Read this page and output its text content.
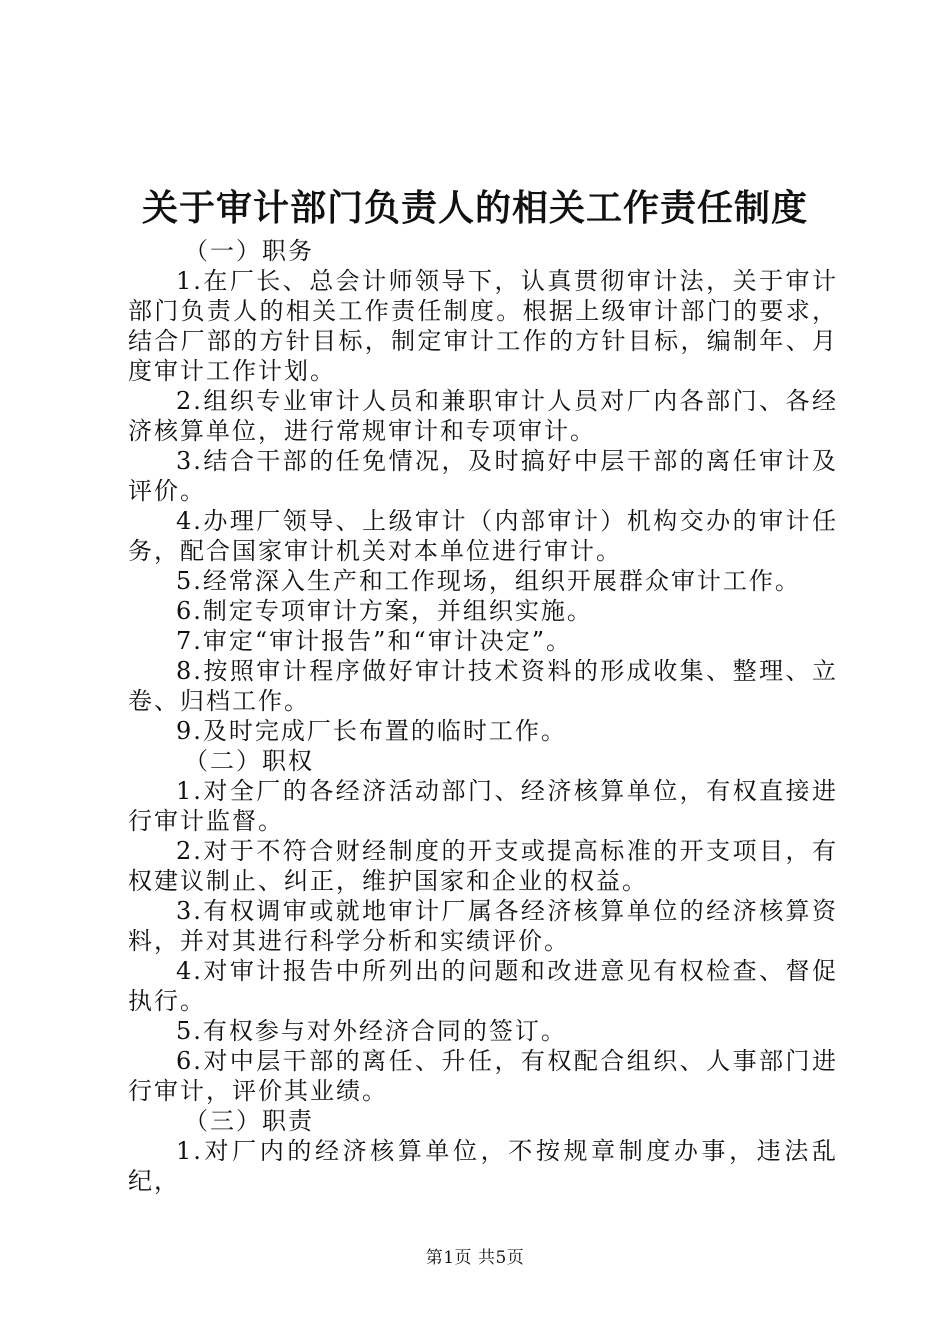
关于审计部门负责人的相关工作责任制度

（一）职务

1.在厂长、总会计师领导下，认真贯彻审计法，关于审计部门负责人的相关工作责任制度。根据上级审计部门的要求，结合厂部的方针目标，制定审计工作的方针目标，编制年、月度审计工作计划。

2.组织专业审计人员和兼职审计人员对厂内各部门、各经济核算单位，进行常规审计和专项审计。

3.结合干部的任免情况，及时搞好中层干部的离任审计及评价。

4.办理厂领导、上级审计（内部审计）机构交办的审计任务，配合国家审计机关对本单位进行审计。

5.经常深入生产和工作现场，组织开展群众审计工作。

6.制定专项审计方案，并组织实施。

7.审定“审计报告”和“审计决定”。

8.按照审计程序做好审计技术资料的形成收集、整理、立卷、归档工作。

9.及时完成厂长布置的临时工作。

（二）职权

1.对全厂的各经济活动部门、经济核算单位，有权直接进行审计监督。

2.对于不符合财经制度的开支或提高标准的开支项目，有权建议制止、纠正，维护国家和企业的权益。

3.有权调审或就地审计厂属各经济核算单位的经济核算资料，并对其进行科学分析和实绩评价。

4.对审计报告中所列出的问题和改进意见有权检查、督促执行。

5.有权参与对外经济合同的签订。

6.对中层干部的离任、升任，有权配合组织、人事部门进行审计，评价其业绩。

（三）职责

1.对厂内的经济核算单位，不按规章制度办事，违法乱纪，

第1页 共5页
